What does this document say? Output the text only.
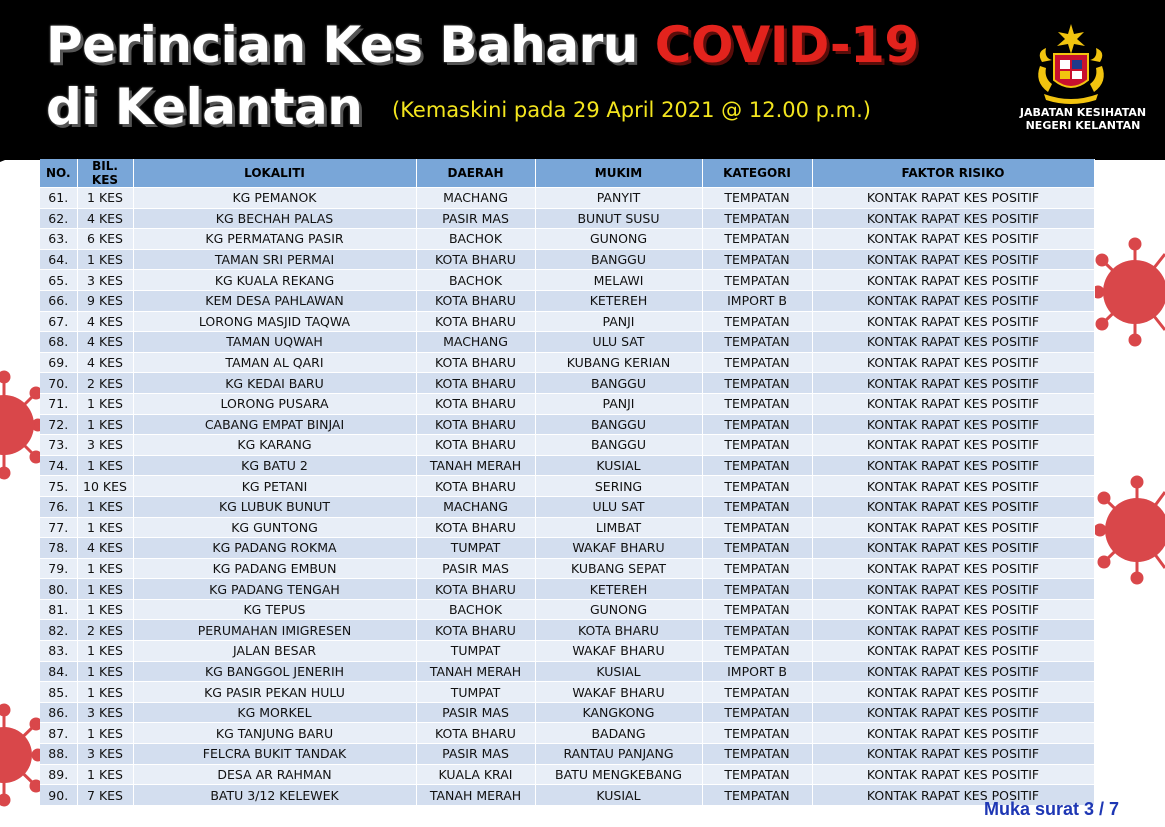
Perincian Kes Baharu COVID-19
di Kelantan (Kemaskini pada 29 April 2021 @ 12.00 p.m.)	JABATAN KESIHATAN
NEGERI KELANTAN
NO.	BIL. KES	LOKALITI	DAERAH	MUKIM	KATEGORI	FAKTOR RISIKO
61.	1 KES	KG PEMANOK	MACHANG	PANYIT	TEMPATAN	KONTAK RAPAT KES POSITIF
62.	4 KES	KG BECHAH PALAS	PASIR MAS	BUNUT SUSU	TEMPATAN	KONTAK RAPAT KES POSITIF
63.	6 KES	KG PERMATANG PASIR	BACHOK	GUNONG	TEMPATAN	KONTAK RAPAT KES POSITIF
64.	1 KES	TAMAN SRI PERMAI	KOTA BHARU	BANGGU	TEMPATAN	KONTAK RAPAT KES POSITIF
65.	3 KES	KG KUALA REKANG	BACHOK	MELAWI	TEMPATAN	KONTAK RAPAT KES POSITIF
66.	9 KES	KEM DESA PAHLAWAN	KOTA BHARU	KETEREH	IMPORT B	KONTAK RAPAT KES POSITIF
67.	4 KES	LORONG MASJID TAQWA	KOTA BHARU	PANJI	TEMPATAN	KONTAK RAPAT KES POSITIF
68.	4 KES	TAMAN UQWAH	MACHANG	ULU SAT	TEMPATAN	KONTAK RAPAT KES POSITIF
69.	4 KES	TAMAN AL QARI	KOTA BHARU	KUBANG KERIAN	TEMPATAN	KONTAK RAPAT KES POSITIF
70.	2 KES	KG KEDAI BARU	KOTA BHARU	BANGGU	TEMPATAN	KONTAK RAPAT KES POSITIF
71.	1 KES	LORONG PUSARA	KOTA BHARU	PANJI	TEMPATAN	KONTAK RAPAT KES POSITIF
72.	1 KES	CABANG EMPAT BINJAI	KOTA BHARU	BANGGU	TEMPATAN	KONTAK RAPAT KES POSITIF
73.	3 KES	KG KARANG	KOTA BHARU	BANGGU	TEMPATAN	KONTAK RAPAT KES POSITIF
74.	1 KES	KG BATU 2	TANAH MERAH	KUSIAL	TEMPATAN	KONTAK RAPAT KES POSITIF
75.	10 KES	KG PETANI	KOTA BHARU	SERING	TEMPATAN	KONTAK RAPAT KES POSITIF
76.	1 KES	KG LUBUK BUNUT	MACHANG	ULU SAT	TEMPATAN	KONTAK RAPAT KES POSITIF
77.	1 KES	KG GUNTONG	KOTA BHARU	LIMBAT	TEMPATAN	KONTAK RAPAT KES POSITIF
78.	4 KES	KG PADANG ROKMA	TUMPAT	WAKAF BHARU	TEMPATAN	KONTAK RAPAT KES POSITIF
79.	1 KES	KG PADANG EMBUN	PASIR MAS	KUBANG SEPAT	TEMPATAN	KONTAK RAPAT KES POSITIF
80.	1 KES	KG PADANG TENGAH	KOTA BHARU	KETEREH	TEMPATAN	KONTAK RAPAT KES POSITIF
81.	1 KES	KG TEPUS	BACHOK	GUNONG	TEMPATAN	KONTAK RAPAT KES POSITIF
82.	2 KES	PERUMAHAN IMIGRESEN	KOTA BHARU	KOTA BHARU	TEMPATAN	KONTAK RAPAT KES POSITIF
83.	1 KES	JALAN BESAR	TUMPAT	WAKAF BHARU	TEMPATAN	KONTAK RAPAT KES POSITIF
84.	1 KES	KG BANGGOL JENERIH	TANAH MERAH	KUSIAL	IMPORT B	KONTAK RAPAT KES POSITIF
85.	1 KES	KG PASIR PEKAN HULU	TUMPAT	WAKAF BHARU	TEMPATAN	KONTAK RAPAT KES POSITIF
86.	3 KES	KG MORKEL	PASIR MAS	KANGKONG	TEMPATAN	KONTAK RAPAT KES POSITIF
87.	1 KES	KG TANJUNG BARU	KOTA BHARU	BADANG	TEMPATAN	KONTAK RAPAT KES POSITIF
88.	3 KES	FELCRA BUKIT TANDAK	PASIR MAS	RANTAU PANJANG	TEMPATAN	KONTAK RAPAT KES POSITIF
89.	1 KES	DESA AR RAHMAN	KUALA KRAI	BATU MENGKEBANG	TEMPATAN	KONTAK RAPAT KES POSITIF
90.	7 KES	BATU 3/12 KELEWEK	TANAH MERAH	KUSIAL	TEMPATAN	KONTAK RAPAT KES POSITIF

Muka surat 3 / 7
